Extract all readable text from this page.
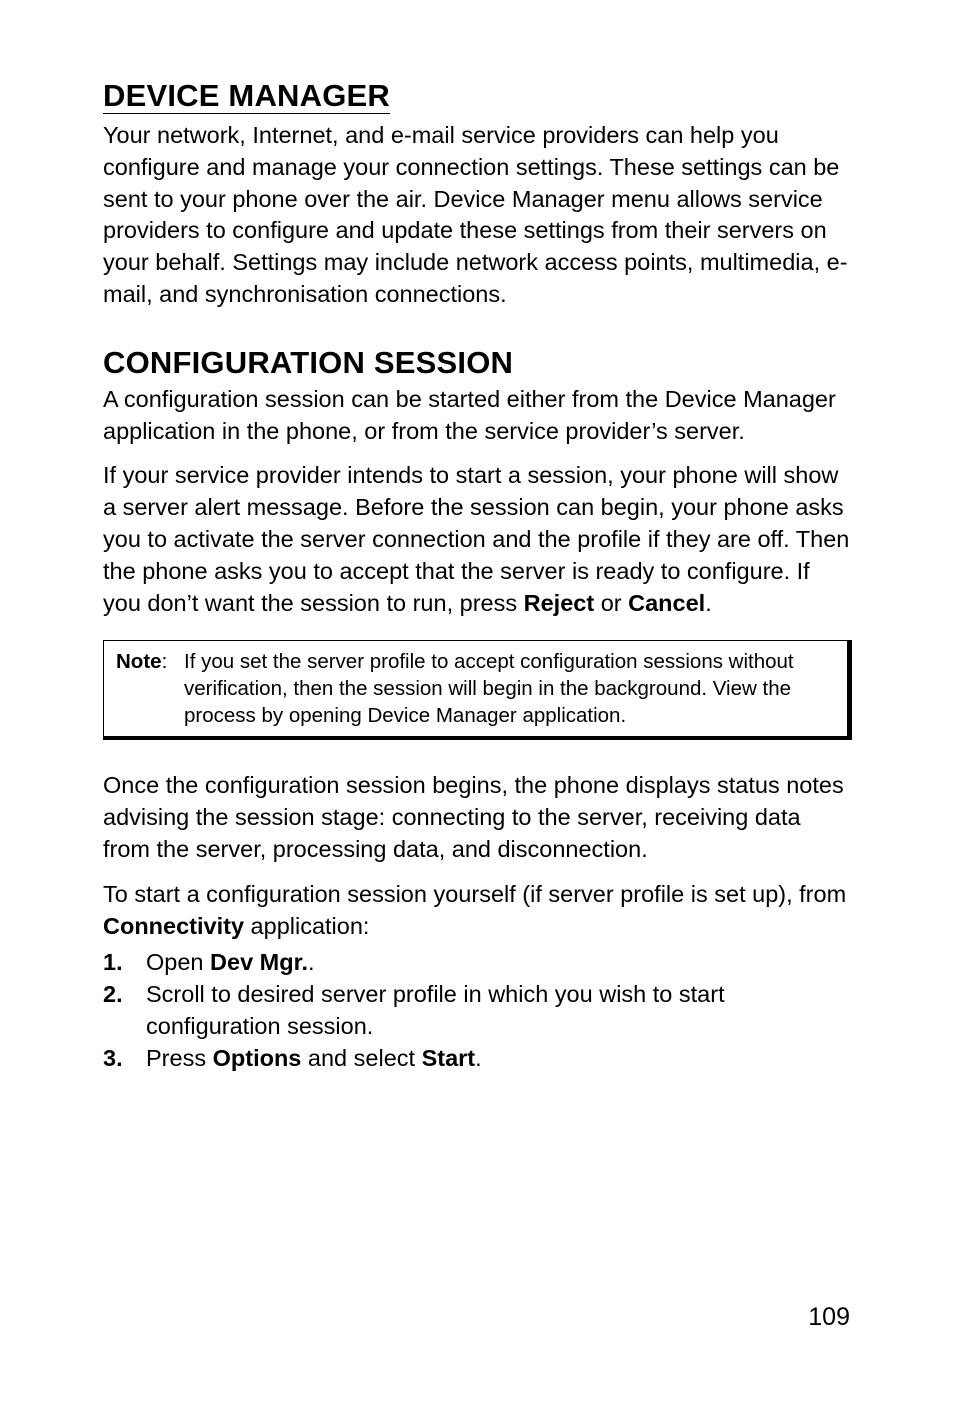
DEVICE MANAGER

Your network, Internet, and e-mail service providers can help you configure and manage your connection settings. These settings can be sent to your phone over the air. Device Manager menu allows service providers to configure and update these settings from their servers on your behalf. Settings may include network access points, multimedia, e-mail, and synchronisation connections.

CONFIGURATION SESSION

A configuration session can be started either from the Device Manager application in the phone, or from the service provider’s server.

If your service provider intends to start a session, your phone will show a server alert message. Before the session can begin, your phone asks you to activate the server connection and the profile if they are off. Then the phone asks you to accept that the server is ready to configure. If you don’t want the session to run, press Reject or Cancel.

Note: If you set the server profile to accept configuration sessions without verification, then the session will begin in the background. View the process by opening Device Manager application.

Once the configuration session begins, the phone displays status notes advising the session stage: connecting to the server, receiving data from the server, processing data, and disconnection.

To start a configuration session yourself (if server profile is set up), from Connectivity application:

1. Open Dev Mgr..
2. Scroll to desired server profile in which you wish to start configuration session.
3. Press Options and select Start.
109
